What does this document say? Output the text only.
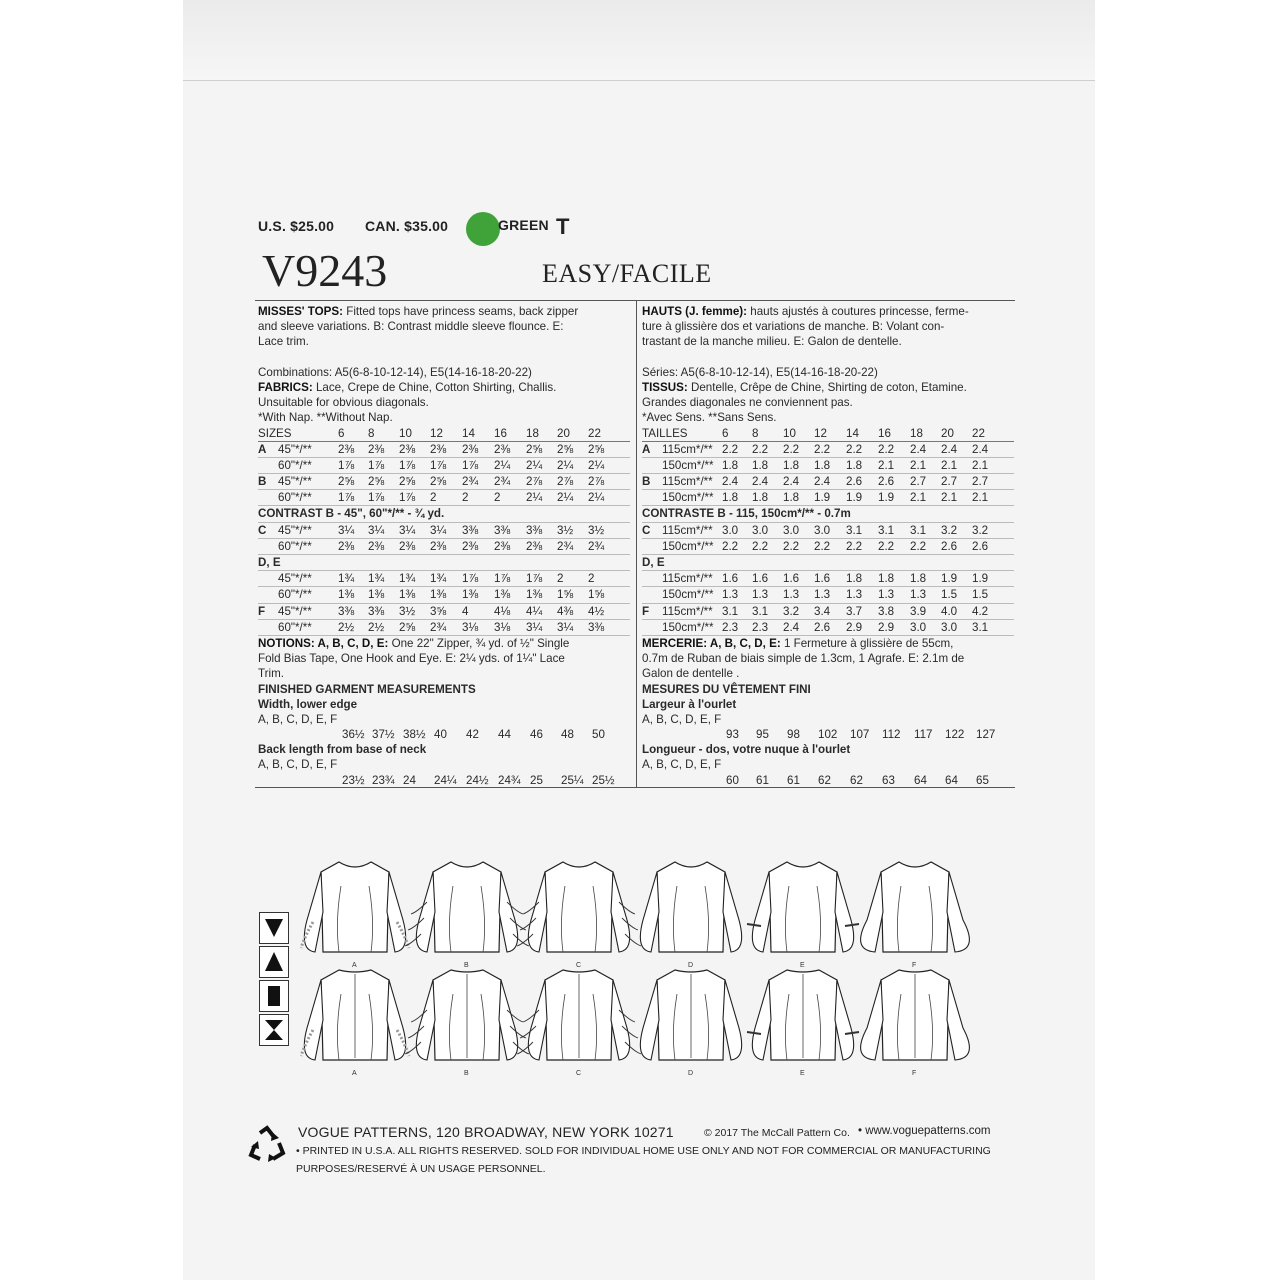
U.S. $25.00 CAN. $35.00	GREEN T
V9243	EASY/FACILE
MISSES' TOPS: Fitted tops have princess seams, back zipper
and sleeve variations. B: Contrast middle sleeve flounce. E:
Lace trim.
Combinations: A5(6-8-10-12-14), E5(14-16-18-20-22)
FABRICS: Lace, Crepe de Chine, Cotton Shirting, Challis.
Unsuitable for obvious diagonals.
*With Nap. **Without Nap.
SIZES	6 8 10 12 14 16 18 20 22
A 45"*/** 2⅜ 2⅜ 2⅜ 2⅜ 2⅜ 2⅜ 2⅝ 2⅝ 2⅝
60"*/** 1⅞ 1⅞ 1⅞ 1⅞ 1⅞ 2¼ 2¼ 2¼ 2¼
B 45"*/** 2⅝ 2⅝ 2⅝ 2⅝ 2¾ 2¾ 2⅞ 2⅞ 2⅞
60"*/** 1⅞ 1⅞ 1⅞ 2 2 2 2¼ 2¼ 2¼
CONTRAST B - 45", 60"*/** - ¾ yd.
C 45"*/** 3¼ 3¼ 3¼ 3¼ 3⅜ 3⅜ 3⅜ 3½ 3½
60"*/** 2⅜ 2⅜ 2⅜ 2⅜ 2⅜ 2⅜ 2⅜ 2¾ 2¾
D, E
45"*/** 1¾ 1¾ 1¾ 1¾ 1⅞ 1⅞ 1⅞ 2 2
60"*/** 1⅜ 1⅜ 1⅜ 1⅜ 1⅜ 1⅜ 1⅜ 1⅝ 1⅝
F 45"*/** 3⅜ 3⅜ 3½ 3⅝ 4 4⅛ 4¼ 4⅜ 4½
60"*/** 2½ 2½ 2⅝ 2¾ 3⅛ 3⅛ 3¼ 3¼ 3⅜
NOTIONS: A, B, C, D, E: One 22" Zipper, ¾ yd. of ½" Single
Fold Bias Tape, One Hook and Eye. E: 2¼ yds. of 1¼" Lace
Trim.
FINISHED GARMENT MEASUREMENTS
Width, lower edge
A, B, C, D, E, F
36½ 37½ 38½ 40 42 44 46 48 50
Back length from base of neck
A, B, C, D, E, F
23½ 23¾ 24 24¼ 24½ 24¾ 25 25¼ 25½
HAUTS (J. femme): hauts ajustés à coutures princesse, ferme-
ture à glissière dos et variations de manche. B: Volant con-
trastant de la manche milieu. E: Galon de dentelle.
Séries: A5(6-8-10-12-14), E5(14-16-18-20-22)
TISSUS: Dentelle, Crêpe de Chine, Shirting de coton, Etamine.
Grandes diagonales ne conviennent pas.
*Avec Sens. **Sans Sens.
TAILLES	6 8 10 12 14 16 18 20 22
A 115cm*/** 2.2 2.2 2.2 2.2 2.2 2.2 2.4 2.4 2.4
150cm*/** 1.8 1.8 1.8 1.8 1.8 2.1 2.1 2.1 2.1
B 115cm*/** 2.4 2.4 2.4 2.4 2.6 2.6 2.7 2.7 2.7
150cm*/** 1.8 1.8 1.8 1.9 1.9 1.9 2.1 2.1 2.1
CONTRASTE B - 115, 150cm*/** - 0.7m
C 115cm*/** 3.0 3.0 3.0 3.0 3.1 3.1 3.1 3.2 3.2
150cm*/** 2.2 2.2 2.2 2.2 2.2 2.2 2.2 2.6 2.6
D, E
115cm*/** 1.6 1.6 1.6 1.6 1.8 1.8 1.8 1.9 1.9
150cm*/** 1.3 1.3 1.3 1.3 1.3 1.3 1.3 1.5 1.5
F 115cm*/** 3.1 3.1 3.2 3.4 3.7 3.8 3.9 4.0 4.2
150cm*/** 2.3 2.3 2.4 2.6 2.9 2.9 3.0 3.0 3.1
MERCERIE: A, B, C, D, E: 1 Fermeture à glissière de 55cm,
0.7m de Ruban de biais simple de 1.3cm, 1 Agrafe. E: 2.1m de
Galon de dentelle .
MESURES DU VÊTEMENT FINI
Largeur à l'ourlet
A, B, C, D, E, F
93 95 98 102 107 112 117 122 127
Longueur - dos, votre nuque à l'ourlet
A, B, C, D, E, F
60 61 61 62 62 63 64 64 65
A	B	C	D	E	F
A	B	C	D	E	F
VOGUE PATTERNS, 120 BROADWAY, NEW YORK 10271	© 2017 The McCall Pattern Co. • www.voguepatterns.com
• PRINTED IN U.S.A. ALL RIGHTS RESERVED. SOLD FOR INDIVIDUAL HOME USE ONLY AND NOT FOR COMMERCIAL OR MANUFACTURING
PURPOSES/RESERVÉ À UN USAGE PERSONNEL.
